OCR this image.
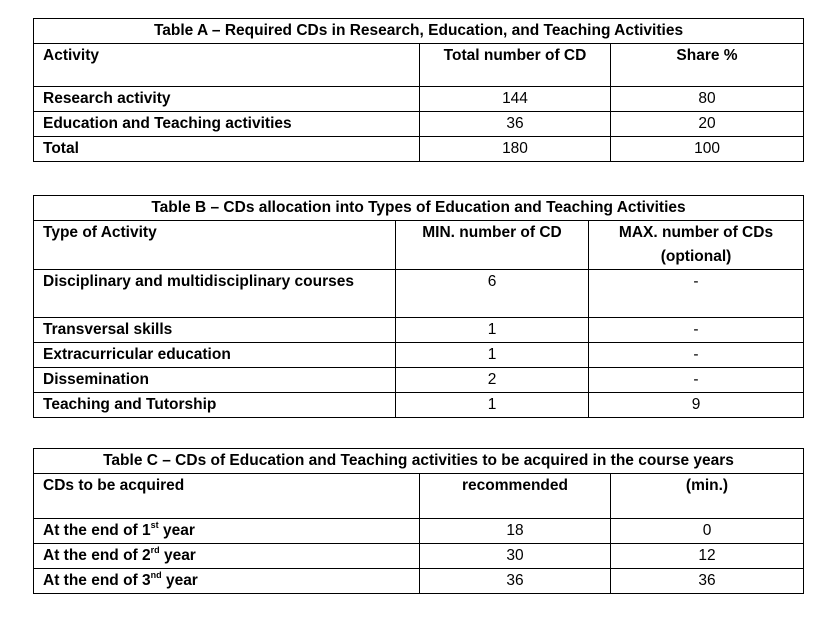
Table A – Required CDs in Research, Education, and Teaching Activities		
Activity	Total number of CD	Share %
Research activity	144	80
Education and Teaching activities	36	20
Total	180	100
Table B – CDs allocation into Types of Education and Teaching Activities		
Type of Activity	MIN. number of CD	MAX. number of CDs (optional)
Disciplinary and multidisciplinary courses	6	-
Transversal skills	1	-
Extracurricular education	1	-
Dissemination	2	-
Teaching and Tutorship	1	9
Table C – CDs of Education and Teaching activities to be acquired in the course years		
CDs to be acquired	recommended	(min.)
At the end of 1st year	18	0
At the end of 2rd year	30	12
At the end of 3nd year	36	36
